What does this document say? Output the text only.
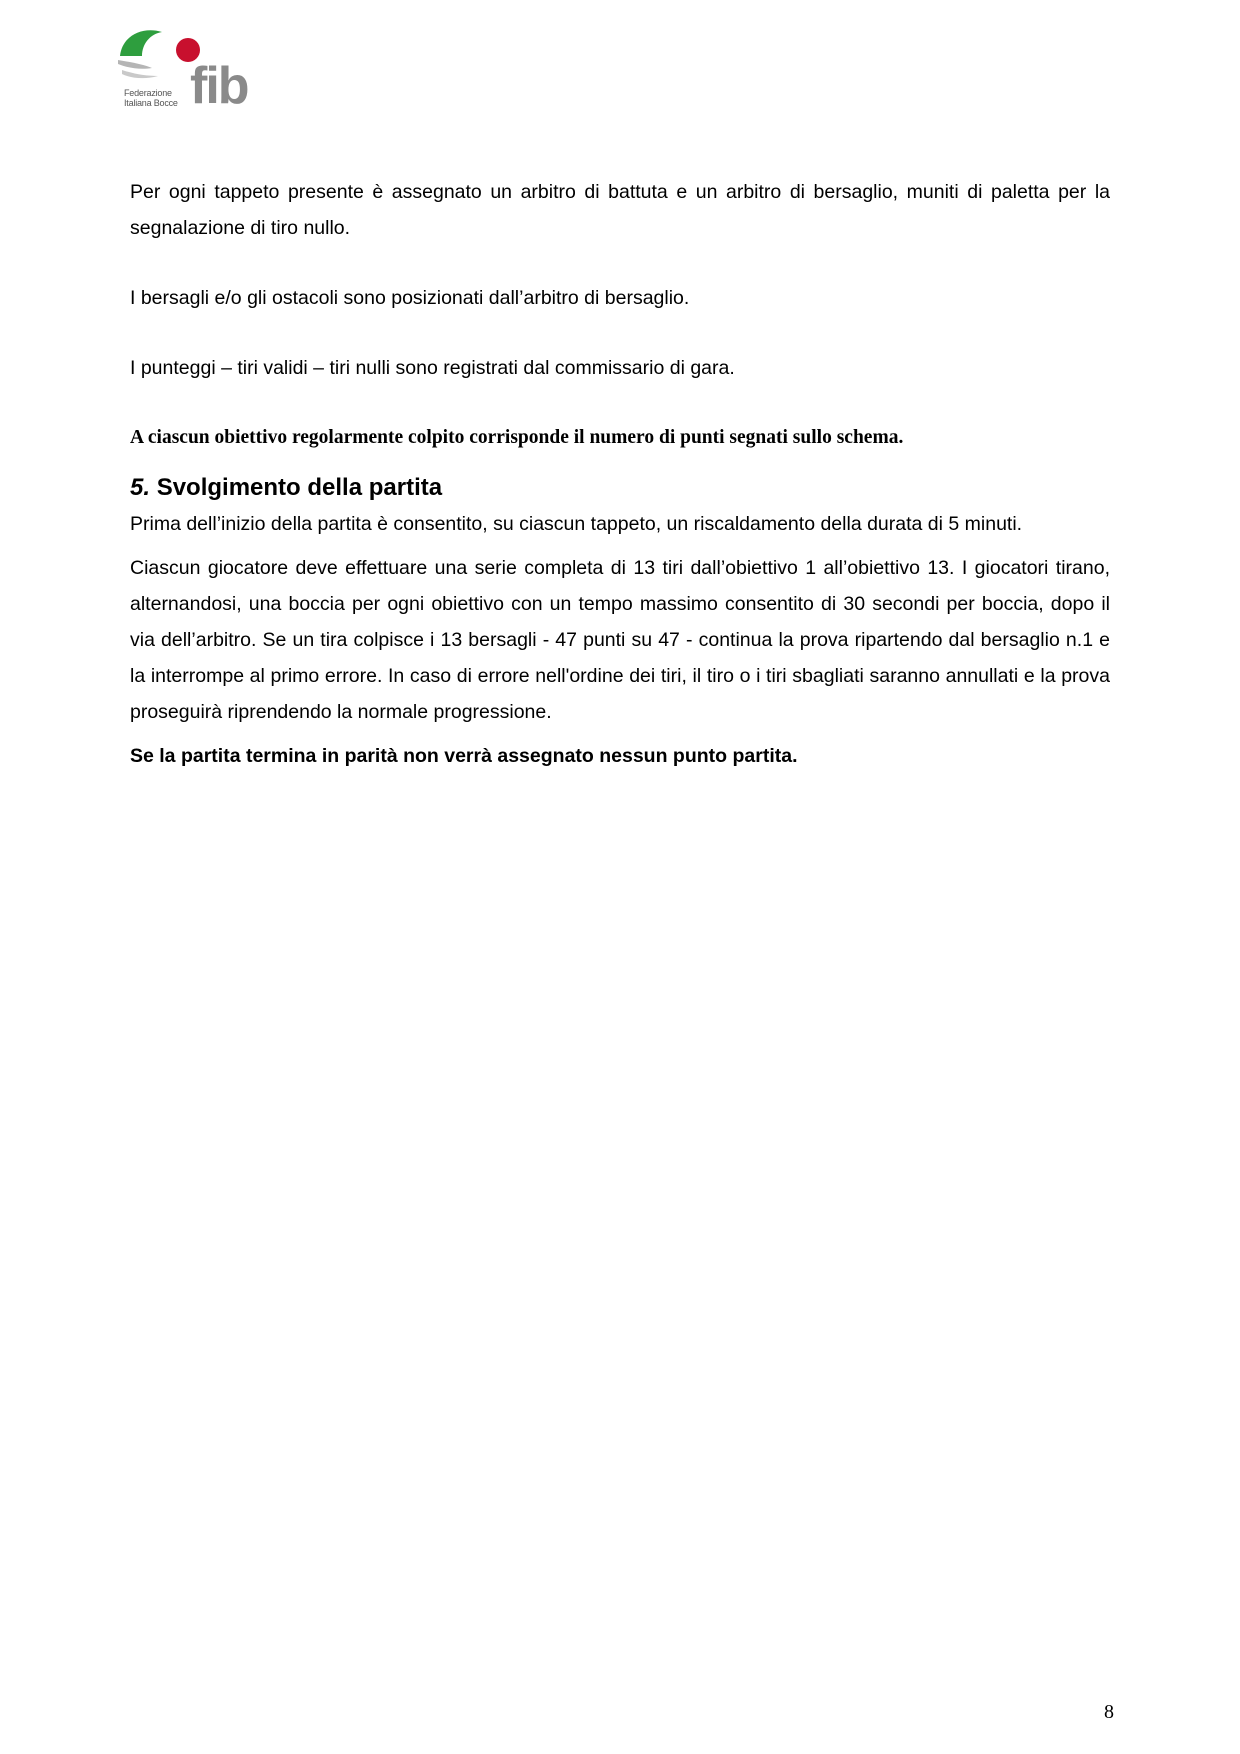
fib
Federazione
Italiana Bocce

Per ogni tappeto presente è assegnato un arbitro di battuta e un arbitro di bersaglio, muniti di paletta per la segnalazione di tiro nullo.

I bersagli e/o gli ostacoli sono posizionati dall’arbitro di bersaglio.

I punteggi – tiri validi – tiri nulli sono registrati dal commissario di gara.

A ciascun obiettivo regolarmente colpito corrisponde il numero di punti segnati sullo schema.

5. Svolgimento della partita

Prima dell’inizio della partita è consentito, su ciascun tappeto, un riscaldamento della durata di 5 minuti.

Ciascun giocatore deve effettuare una serie completa di 13 tiri dall’obiettivo 1 all’obiettivo 13. I giocatori tirano, alternandosi, una boccia per ogni obiettivo con un tempo massimo consentito di 30 secondi per boccia, dopo il via dell’arbitro. Se un tira colpisce i 13 bersagli - 47 punti su 47 - continua la prova ripartendo dal bersaglio n.1 e la interrompe al primo errore. In caso di errore nell'ordine dei tiri, il tiro o i tiri sbagliati saranno annullati e la prova proseguirà riprendendo la normale progressione.

Se la partita termina in parità non verrà assegnato nessun punto partita.

8
